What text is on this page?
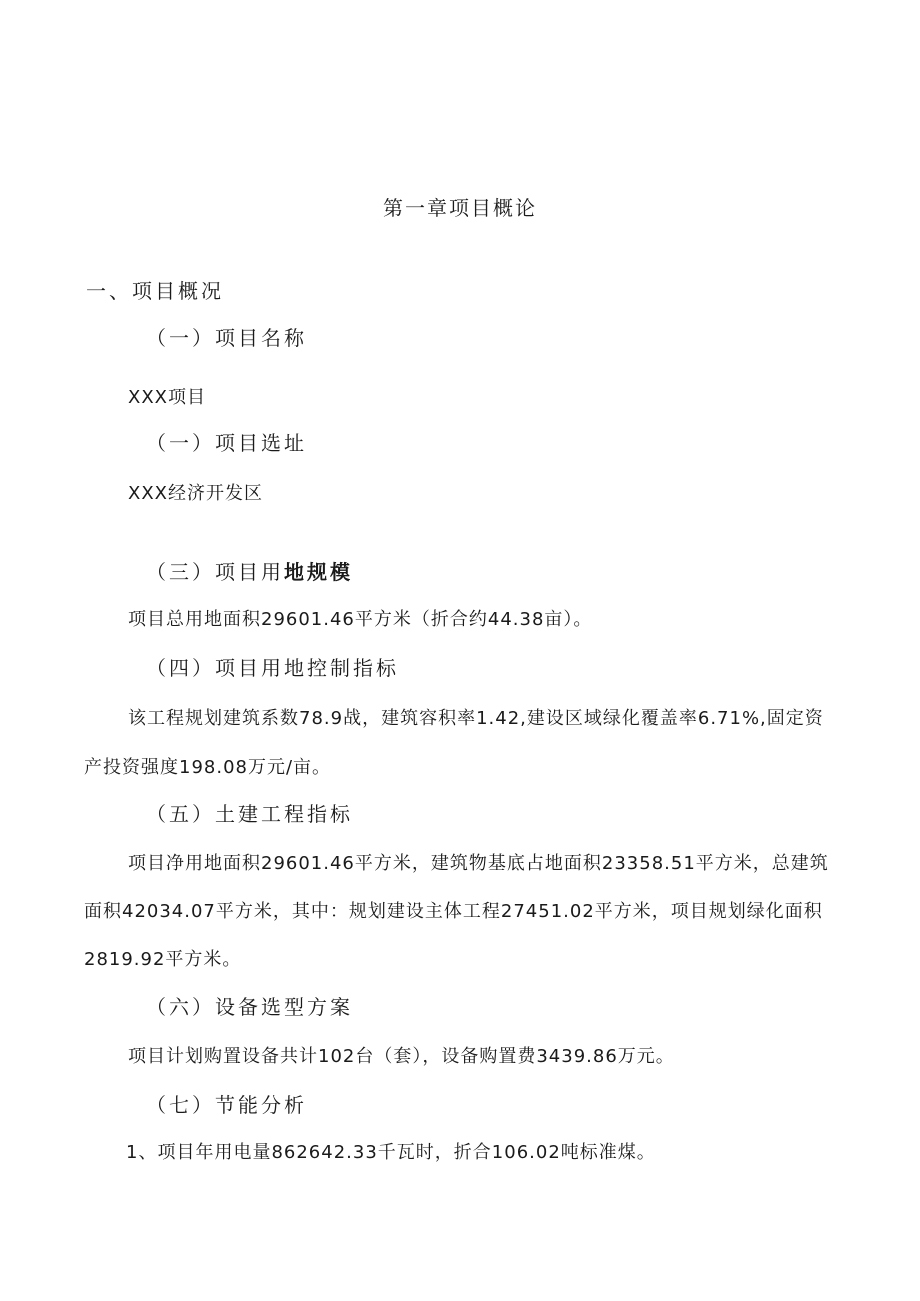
第一章项目概论
一、项目概况
（一）项目名称
XXX项目
（一）项目选址
XXX经济开发区
（三）项目用地规模
项目总用地面积29601.46平方米（折合约44.38亩）。
（四）项目用地控制指标
该工程规划建筑系数78.9战，建筑容积率1.42,建设区域绿化覆盖率6.71%,固定资
产投资强度198.08万元/亩。
（五）土建工程指标
项目净用地面积29601.46平方米，建筑物基底占地面积23358.51平方米，总建筑
面积42034.07平方米，其中：规划建设主体工程27451.02平方米，项目规划绿化面积
2819.92平方米。
（六）设备选型方案
项目计划购置设备共计102台（套），设备购置费3439.86万元。
（七）节能分析
1、项目年用电量862642.33千瓦时，折合106.02吨标准煤。
